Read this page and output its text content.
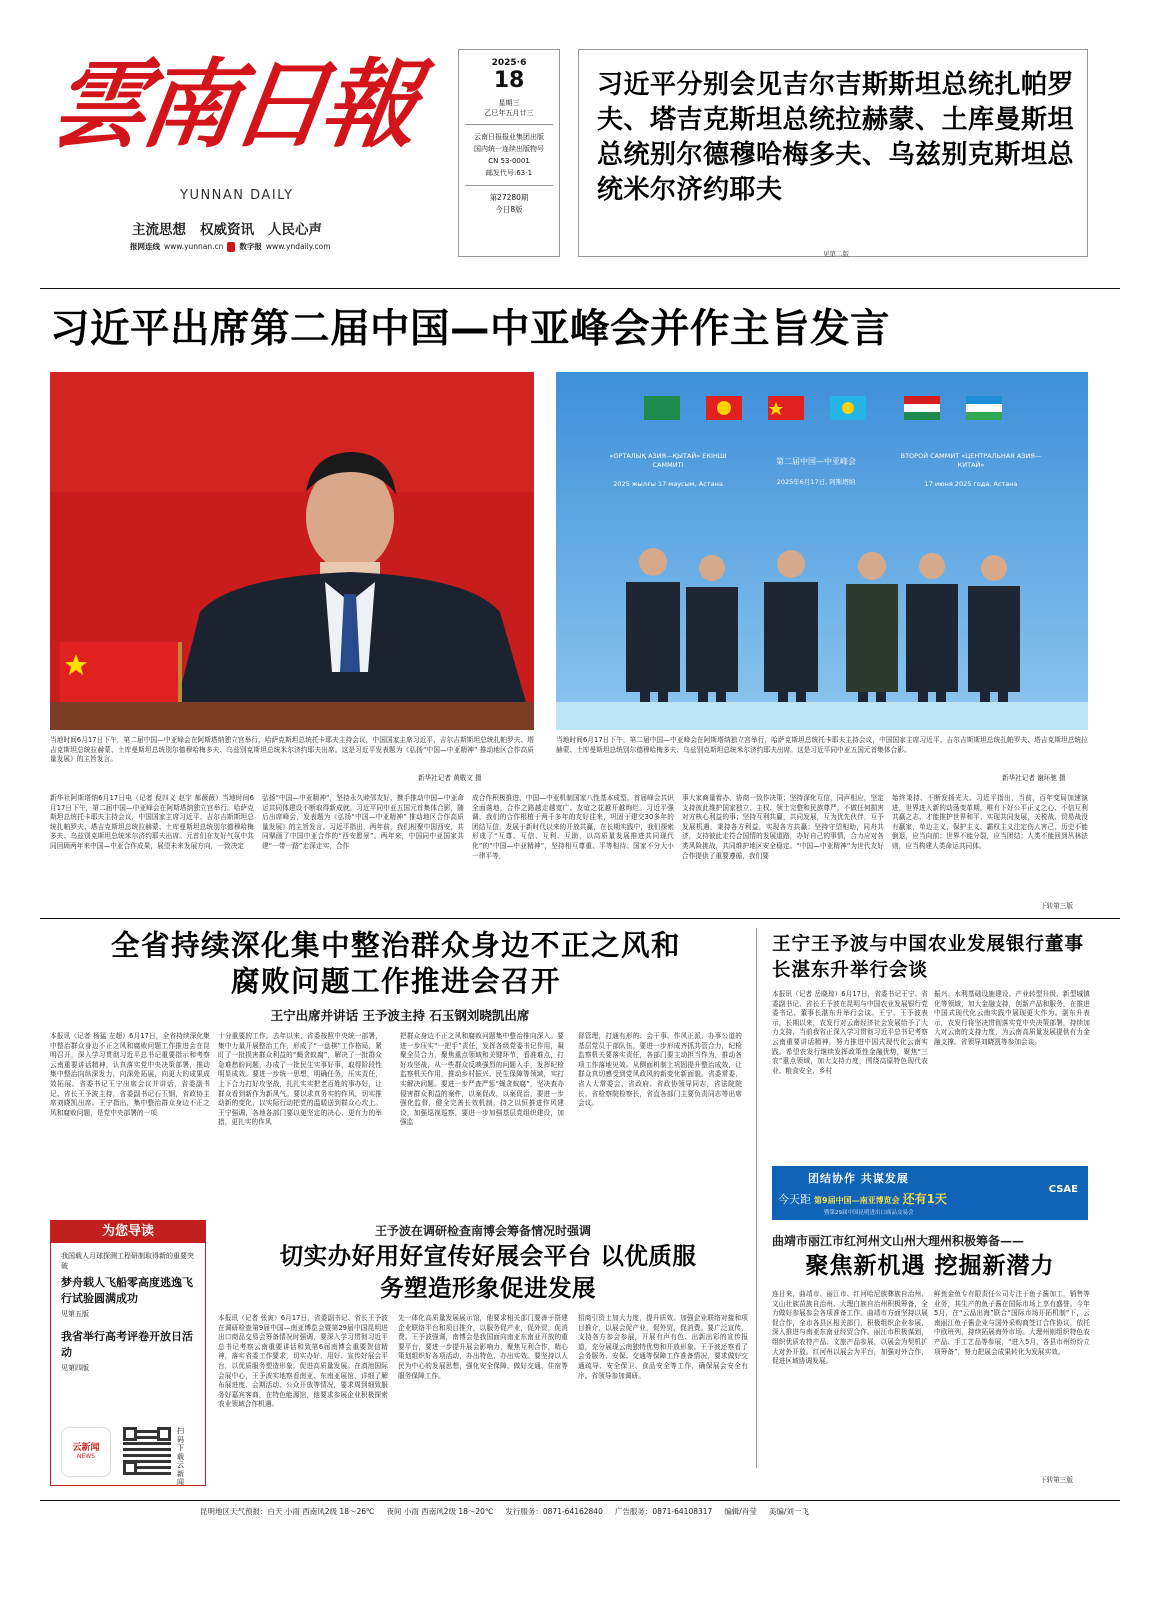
雲南日報
YUNNAN DAILY
主流思想 权威资讯 人民心声
报网连线 www.yunnan.cn 数字报 www.yndaily.com
2025·6
18
星期三
乙巳年五月廿三
云南日报报业集团出版
国内统一连续出版物号
CN 53-0001
邮发代号:63-1
第27280期
今日8版
习近平分别会见吉尔吉斯斯坦总统扎帕罗夫、塔吉克斯坦总统拉赫蒙、土库曼斯坦总统别尔德穆哈梅多夫、乌兹别克斯坦总统米尔济约耶夫
见第二版
习近平出席第二届中国—中亚峰会并作主旨发言
«ОРТАЛЫҚ АЗИЯ—ҚЫТАЙ» ЕКІНШІ САММИТІ
2025 жылғы 17 маусым, Астана
第二届中国—中亚峰会
2025年6月17日, 阿斯塔纳
ВТОРОЙ САММИТ «ЦЕНТРАЛЬНАЯ АЗИЯ—КИТАЙ»
17 июня 2025 года, Астана
当地时间6月17日下午，第二届中国—中亚峰会在阿斯塔纳独立宫举行，哈萨克斯坦总统托卡耶夫主持会议，中国国家主席习近平、吉尔吉斯斯坦总统扎帕罗夫、塔吉克斯坦总统拉赫蒙、土库曼斯坦总统别尔德穆哈梅多夫、乌兹别克斯坦总统米尔济约耶夫出席。这是习近平发表题为《弘扬“中国—中亚精神” 推动地区合作高质量发展》的主旨发言。
新华社记者 黄敬文 摄
当地时间6月17日下午，第二届中国—中亚峰会在阿斯塔纳独立宫举行，哈萨克斯坦总统托卡耶夫主持会议，中国国家主席习近平、吉尔吉斯斯坦总统扎帕罗夫、塔吉克斯坦总统拉赫蒙、土库曼斯坦总统别尔德穆哈梅多夫、乌兹别克斯坦总统米尔济约耶夫出席。这是习近平同中亚五国元首集体合影。
新华社记者 谢环驰 摄
新华社阿斯塔纳6月17日电（记者 倪四义 赵宇 郝薇薇）当地时间6月17日下午，第二届中国—中亚峰会在阿斯塔纳独立宫举行。哈萨克斯坦总统托卡耶夫主持会议，中国国家主席习近平、吉尔吉斯斯坦总统扎帕罗夫、塔吉克斯坦总统拉赫蒙、土库曼斯坦总统别尔德穆哈梅多夫、乌兹别克斯坦总统米尔济约耶夫出席。元首们在友好气氛中共同回顾两年来中国—中亚合作成果，展望未来发展方向，一致决定
弘扬“中国—中亚精神”，坚持永久睦邻友好、携手推动中国—中亚命运共同体建设不断取得新成就。习近平同中亚五国元首集体合影，随后出席峰会，发表题为《弘扬“中国—中亚精神” 推动地区合作高质量发展》的主旨发言。习近平指出，两年前，我们相聚中国西安，共同擘画了中国中亚合作的“西安愿景”。两年来，中国同中亚国家共建“一带一路”走深走实，合作
成合作积极推进，中国—中亚机制国家八性基本成型，首届峰会共识全面落地，合作之路越走越宽广。友谊之花越开越绚烂。习近平强调，我们的合作根植于两千多年的友好往来，巩固于建交30多年的团结互信，发展于新时代以来的开放共赢，在长期实践中，我们探索形成了“互尊、互信、互利、互助，以高质量发展推进共同现代化”的“中国—中亚精神”，坚持相互尊重、平等相待。国家不分大小一律平等，
事大家商量着办，协商一致作决策；坚持深化互信，同声相应，坚定支持彼此维护国家独立、主权、领土完整和民族尊严，不做任何损害对方核心利益的事；坚持互利共赢，共同发展，互为优先伙伴，互予发展机遇，秉持各方利益，实现各方共赢；坚持守望相助，同舟共济，支持彼此走符合国情的发展道路，办好自己的事情，合力应对各类风险挑战，共同维护地区安全稳定。“中国—中亚精神”为世代友好合作提供了重要遵循，我们要
始终秉持、不断发扬光大。习近平指出，当前，百年变局加速演进，世界进入新的动荡变革期，唯有下好公平正义之心、不信互利共赢之志，才能推护世界和平、实现共同发展，关税战、贸易战没有赢家，单边主义、保护主义、霸权主义注定伤人害己，历史不能倒退，应当向前；世界不能分裂，应当团结；人类不能回到丛林法则，应当构建人类命运共同体。
下转第三版
全省持续深化集中整治群众身边不正之风和腐败问题工作推进会召开
王宁出席并讲话 王予波主持 石玉钢刘晓凯出席
本报讯（记者 杨猛 左超）6月17日，全省持续深化集中整治群众身边不正之风和腐败问题工作推进会在昆明召开，深入学习贯彻习近平总书记重要指示和考察云南重要讲话精神，认真落实党中央决策部署，推动集中整治向纵深发力，向深处拓展，向更大的成果成效拓展。省委书记王宁出席会议并讲话，省委副书记、省长王予波主持，省委副书记石玉钢，省政协主席刘晓凯出席。王宁指出，集中整治群众身边不正之风和腐败问题，是党中央部署的一项
十分重要的工作。去年以来，省委按照中央统一部署，集中力量开展整治工作，形成了“一盘棋”工作格局，紧盯了一批损害群众利益的“蝇贪蚁腐”，解决了一批群众急难愁盼问题，办成了一批民生实事好事，取得阶段性明显成效。要进一步统一思想，明确任务，压实责任，上下合力打好攻坚战，扎扎实实把老百姓的事办好，让群众看到新作为新风气。要以求真务实的作风，切实推动新的变化，以实际行动把党的温暖送到群众心坎上。王宁强调，各地各部门要以更坚定的决心、更有力的举措，更扎实的作风
把群众身边不正之风和腐败问题集中整治推向深入。要进一步压实“一把手”责任，发挥各级党委书记作用，凝聚全员合力，聚焦重点领域和关键环节，看准难点，打好攻坚战，从一些群众反映强烈的问题入手，发挥纪检监察机关作用，推动乡村振兴、民生保障等领域，实打实解决问题。要进一步严查严惩“蝇贪蚁腐”，坚决查办侵害群众利益的案件，以案促改，以案促治，要进一步强化监督，健全完善长效机制，持之以恒推进作风建设，加强巡视巡察，要进一步加强基层党组织建设，加强监
督管理，打通有形的、会干事、作风正派、办事公道的基层党员干部队伍，要进一步形成齐抓共管合力，纪检监察机关要落实责任，各部门要主动担当作为，推动各项工作落地见效。从侧面机制上巩固提升整治成效，让群众真切感受到党风政风的新变化新面貌。省委常委、省人大常委会、省政府、省政协领导同志，省法院院长，省检察院检察长，省直各部门主要负责同志等出席会议。
王宁王予波与中国农业发展银行董事长湛东升举行会谈
本报讯（记者 岳晓琼）6月17日，省委书记王宁、省委副书记、省长王予波在昆明与中国农业发展银行党委书记、董事长湛东升举行会谈。王宁、王予波表示，长期以来，农发行对云南经济社会发展给予了大力支持，当前我省正深入学习贯彻习近平总书记考察云南重要讲话精神，努力推进中国式现代化云南实践。希望农发行继续发挥政策性金融优势，聚焦“三农”重点领域，加大支持力度，围绕高原特色现代农业、粮食安全、乡村
振兴、水利基础设施建设、产业转型升级、新型城镇化等领域，加大金融支持，创新产品和服务，在推进中国式现代化云南实践中展现更大作为。湛东升表示，农发行将坚决贯彻落实党中央决策部署，持续加大对云南的支持力度，为云南高质量发展提供有力金融支撑。省领导刘晓凯等参加会谈。
团结协作 共谋发展
今天距 第9届中国—南亚博览会 还有1天
暨第29届中国昆明进出口商品交易会
CSAE
曲靖市丽江市红河州文山州大理州积极筹备——
聚焦新机遇 挖掘新潜力
连日来，曲靖市、丽江市、红河哈尼族彝族自治州、文山壮族苗族自治州、大理白族自治州积极筹备，全力做好参展参会各项准备工作。曲靖市方面坚持以展促合作，全市各县区相关部门，积极组织企业参展，深入推进与南亚东南亚经贸合作。丽江市积极谋划，组织优质农特产品、文旅产品参展，以展会为契机扩大对外开放。红河州以展会为平台，加强对外合作，促进区域协调发展。
鲜鱼金鱼专有限责任公司专注于鱼子酱加工，销售等业务，其生产的鱼子酱在国际市场上享有盛誉。今年5月，在“云品出海”联合“国际市场开拓机制”下，云南丽江鱼子酱企业与国外采购商签订合作协议，依托中欧班列，持续拓展海外市场。大理州则组织特色农产品、手工艺品等参展，“进入5月，各县市州纷纷立项筹备”，努力把展会成果转化为发展实效。
下转第三版
为您导读
我国载人月球探测工程研制取得新的重要突破
梦舟载人飞船零高度逃逸飞行试验圆满成功
见第五版
我省举行高考评卷开放日活动
见第四版
云新闻
NEWS
扫码下载云新闻
王予波在调研检查南博会筹备情况时强调
切实办好用好宣传好展会平台 以优质服务塑造形象促进发展
本报讯（记者 张寅）6月17日，省委副书记、省长王予波在调研检查第9届中国—南亚博览会暨第29届中国昆明进出口商品交易会筹备情况时强调，要深入学习贯彻习近平总书记考察云南重要讲话和致第6届南博会重要贺信精神，落实省委工作要求，切实办好、用好、宣传好展会平台，以优质服务塑造形象，促进高质量发展。在滇池国际会展中心，王予波实地察看南亚、东南亚展馆，详细了解布展进度、会期活动、公众开放等情况，要求周到细致服务好嘉宾客商，在特色能源馆，他要求参展企业积极探索农业领域合作机遇。
先一体化高质量发展展示馆，他要求相关部门要善于搭建企业联络平台和项目推介，以服务促产业，促外贸，促消费。王予波强调，南博会是我国面向南亚东南亚开放的重要平台，要进一步提升展会影响力，聚焦互利合作，精心策划组织好各项活动，办出特色、办出实效。要坚持以人民为中心的发展思想，强化安全保障，做好交通、住宿等服务保障工作。
招商引资上加大力度，提升质效。加强企业联络对接和项目推介，以展会促产业，促外贸，促消费。要广泛宣传，支持各方参会参展，开展有声有色、出新出彩的宣传报道，充分展现云南独特优势和开放形象。王予波还察看了会务服务、安保、交通等保障工作准备情况，要求做好交通疏导、安全保卫、食品安全等工作，确保展会安全有序。省领导参加调研。
昆明地区天气预报：白天 小雨 西南风2级 18～26℃ 夜间 小雨 西南风2级 18～20℃ 发行服务：0871-64162840 广告服务：0871-64108317 编辑/肖莹 美编/刘一飞
